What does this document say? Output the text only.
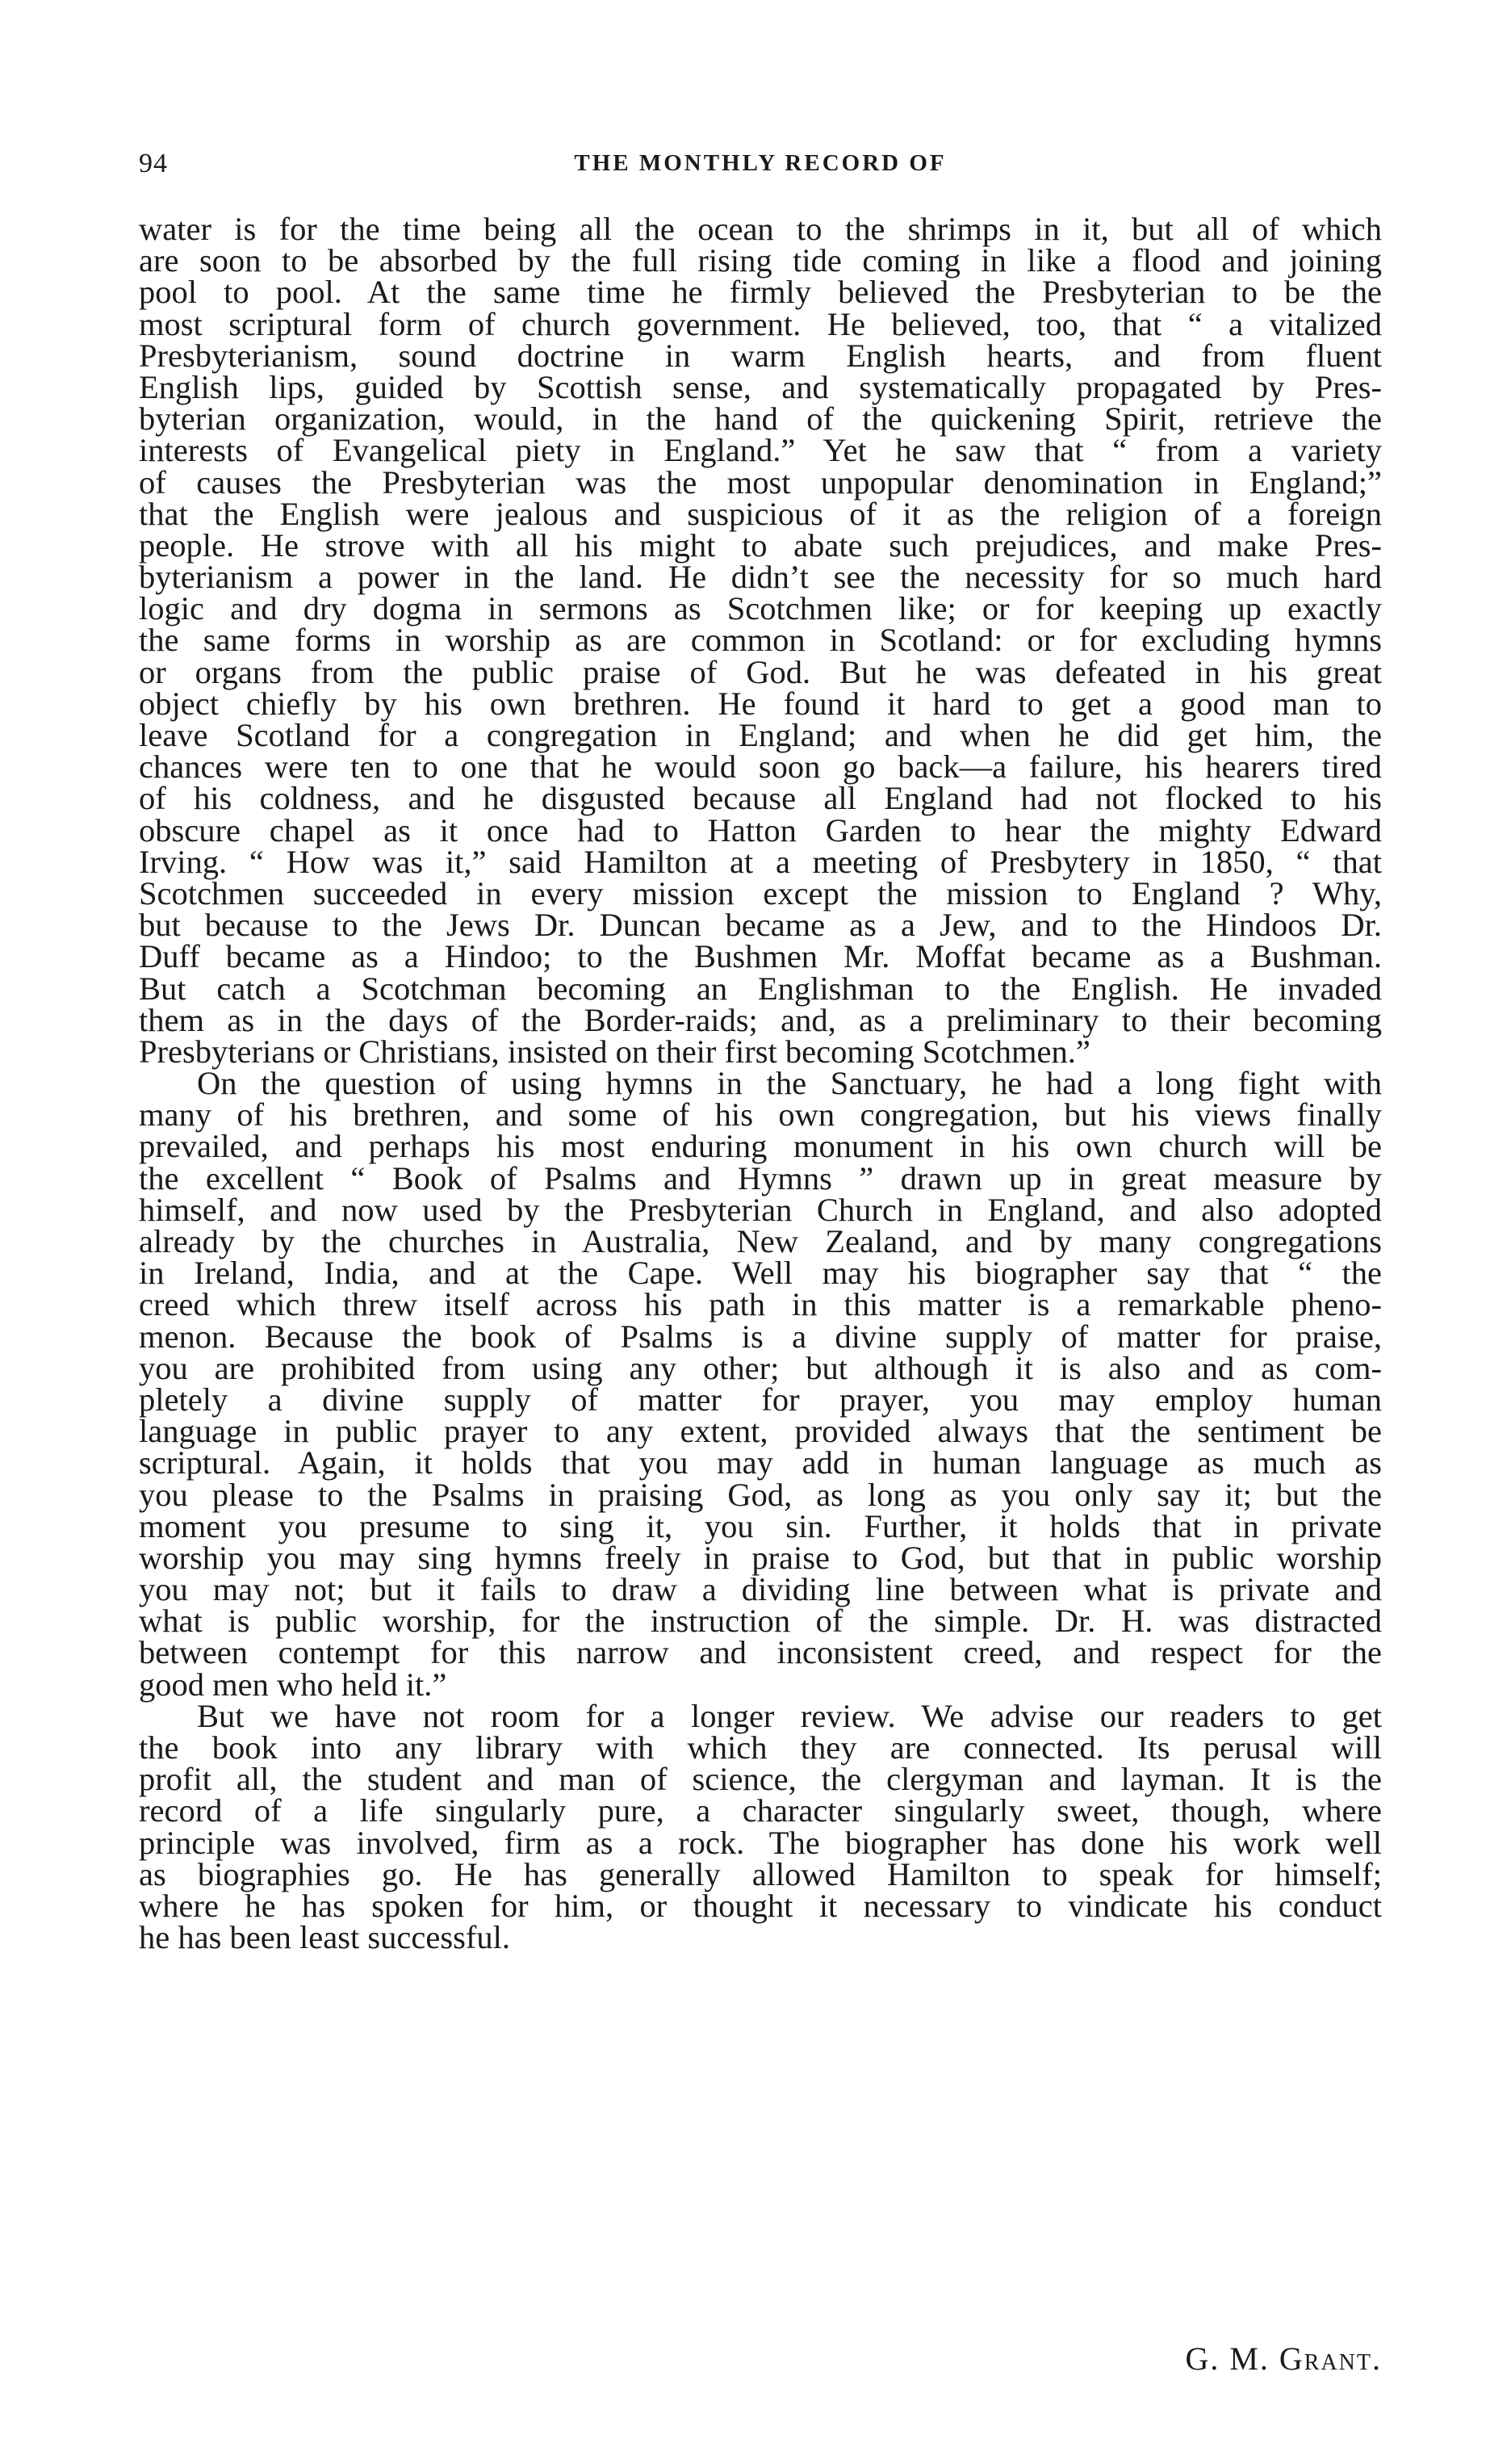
94	THE MONTHLY RECORD OF
water is for the time being all the ocean to the shrimps in it, but all of which
are soon to be absorbed by the full rising tide coming in like a flood and joining
pool to pool. At the same time he firmly believed the Presbyterian to be the
most scriptural form of church government. He believed, too, that “ a vitalized
Presbyterianism, sound doctrine in warm English hearts, and from fluent
English lips, guided by Scottish sense, and systematically propagated by Pres-
byterian organization, would, in the hand of the quickening Spirit, retrieve the
interests of Evangelical piety in England.” Yet he saw that “ from a variety
of causes the Presbyterian was the most unpopular denomination in England;”
that the English were jealous and suspicious of it as the religion of a foreign
people. He strove with all his might to abate such prejudices, and make Pres-
byterianism a power in the land. He didn’t see the necessity for so much hard
logic and dry dogma in sermons as Scotchmen like; or for keeping up exactly
the same forms in worship as are common in Scotland: or for excluding hymns
or organs from the public praise of God. But he was defeated in his great
object chiefly by his own brethren. He found it hard to get a good man to
leave Scotland for a congregation in England; and when he did get him, the
chances were ten to one that he would soon go back—a failure, his hearers tired
of his coldness, and he disgusted because all England had not flocked to his
obscure chapel as it once had to Hatton Garden to hear the mighty Edward
Irving. “ How was it,” said Hamilton at a meeting of Presbytery in 1850, “ that
Scotchmen succeeded in every mission except the mission to England ? Why,
but because to the Jews Dr. Duncan became as a Jew, and to the Hindoos Dr.
Duff became as a Hindoo; to the Bushmen Mr. Moffat became as a Bushman.
But catch a Scotchman becoming an Englishman to the English. He invaded
them as in the days of the Border-raids; and, as a preliminary to their becoming
Presbyterians or Christians, insisted on their first becoming Scotchmen.”
On the question of using hymns in the Sanctuary, he had a long fight with
many of his brethren, and some of his own congregation, but his views finally
prevailed, and perhaps his most enduring monument in his own church will be
the excellent “ Book of Psalms and Hymns ” drawn up in great measure by
himself, and now used by the Presbyterian Church in England, and also adopted
already by the churches in Australia, New Zealand, and by many congregations
in Ireland, India, and at the Cape. Well may his biographer say that “ the
creed which threw itself across his path in this matter is a remarkable pheno-
menon. Because the book of Psalms is a divine supply of matter for praise,
you are prohibited from using any other; but although it is also and as com-
pletely a divine supply of matter for prayer, you may employ human
language in public prayer to any extent, provided always that the sentiment be
scriptural. Again, it holds that you may add in human language as much as
you please to the Psalms in praising God, as long as you only say it; but the
moment you presume to sing it, you sin. Further, it holds that in private
worship you may sing hymns freely in praise to God, but that in public worship
you may not; but it fails to draw a dividing line between what is private and
what is public worship, for the instruction of the simple. Dr. H. was distracted
between contempt for this narrow and inconsistent creed, and respect for the
good men who held it.”
But we have not room for a longer review. We advise our readers to get
the book into any library with which they are connected. Its perusal will
profit all, the student and man of science, the clergyman and layman. It is the
record of a life singularly pure, a character singularly sweet, though, where
principle was involved, firm as a rock. The biographer has done his work well
as biographies go. He has generally allowed Hamilton to speak for himself;
where he has spoken for him, or thought it necessary to vindicate his conduct
he has been least successful.
G. M. Grant.
